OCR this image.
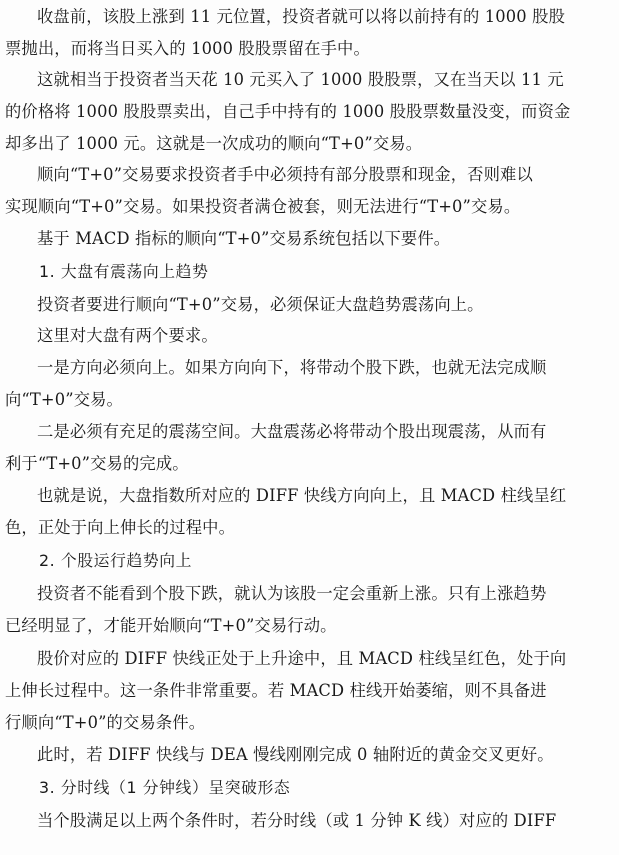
收盘前，该股上涨到 11 元位置，投资者就可以将以前持有的 1000 股股
票抛出，而将当日买入的 1000 股股票留在手中。
这就相当于投资者当天花 10 元买入了 1000 股股票，又在当天以 11 元
的价格将 1000 股股票卖出，自己手中持有的 1000 股股票数量没变，而资金
却多出了 1000 元。这就是一次成功的顺向“T+0”交易。
顺向“T+0”交易要求投资者手中必须持有部分股票和现金，否则难以
实现顺向“T+0”交易。如果投资者满仓被套，则无法进行“T+0”交易。
基于 MACD 指标的顺向“T+0”交易系统包括以下要件。
1. 大盘有震荡向上趋势
投资者要进行顺向“T+0”交易，必须保证大盘趋势震荡向上。
这里对大盘有两个要求。
一是方向必须向上。如果方向向下，将带动个股下跌，也就无法完成顺
向“T+0”交易。
二是必须有充足的震荡空间。大盘震荡必将带动个股出现震荡，从而有
利于“T+0”交易的完成。
也就是说，大盘指数所对应的 DIFF 快线方向向上，且 MACD 柱线呈红
色，正处于向上伸长的过程中。
2. 个股运行趋势向上
投资者不能看到个股下跌，就认为该股一定会重新上涨。只有上涨趋势
已经明显了，才能开始顺向“T+0”交易行动。
股价对应的 DIFF 快线正处于上升途中，且 MACD 柱线呈红色，处于向
上伸长过程中。这一条件非常重要。若 MACD 柱线开始萎缩，则不具备进
行顺向“T+0”的交易条件。
此时，若 DIFF 快线与 DEA 慢线刚刚完成 0 轴附近的黄金交叉更好。
3. 分时线（1 分钟线）呈突破形态
当个股满足以上两个条件时，若分时线（或 1 分钟 K 线）对应的 DIFF
